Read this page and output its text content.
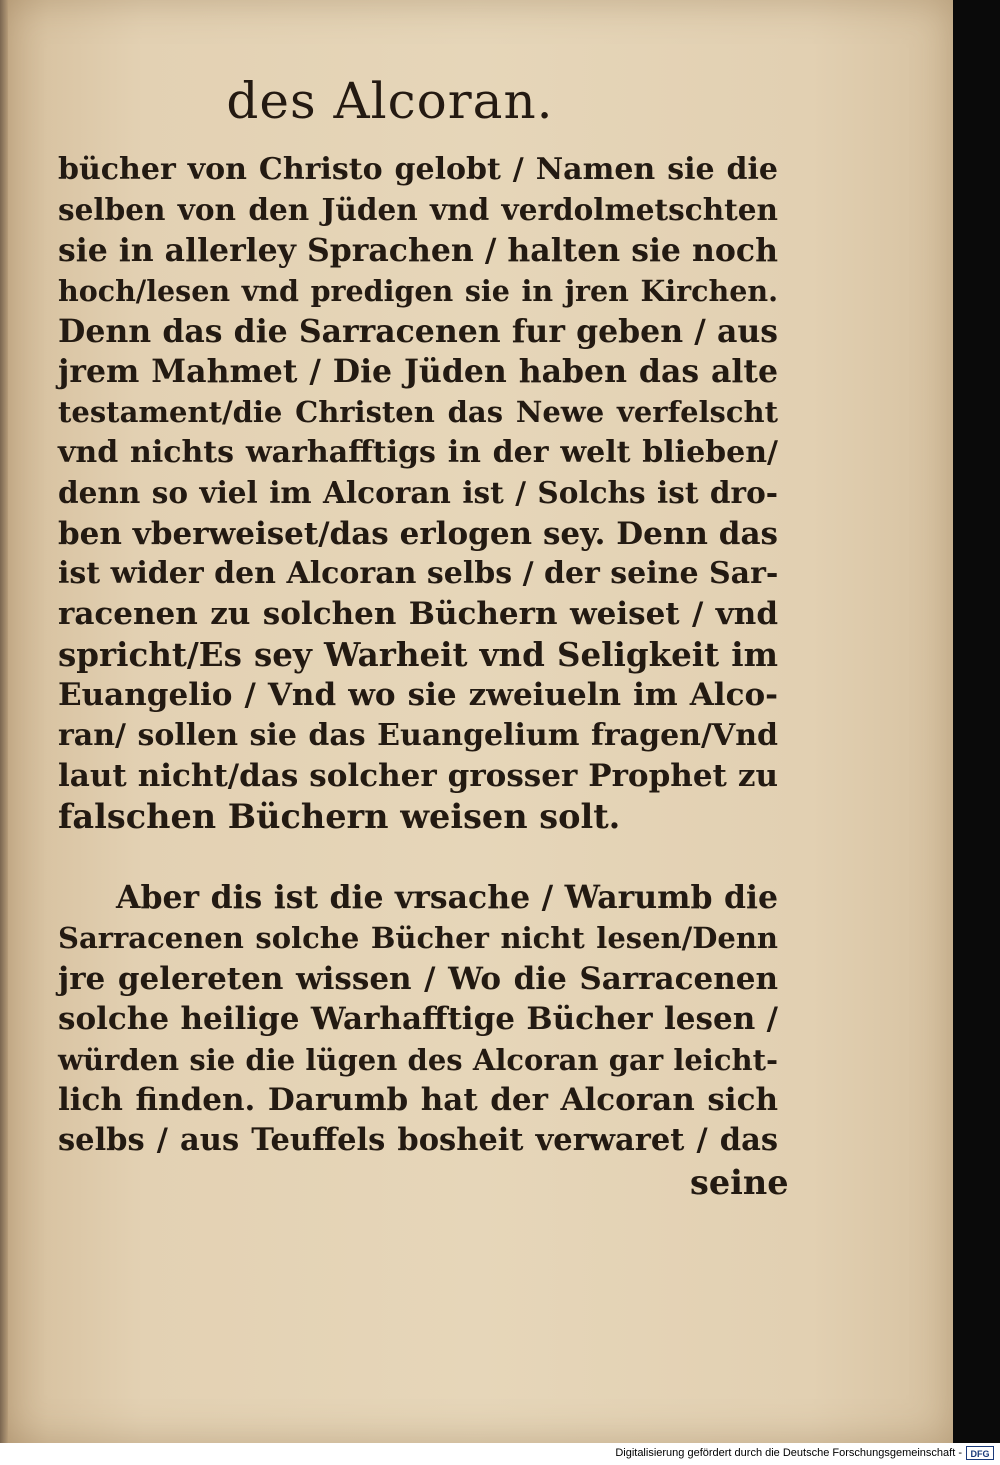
des Alcoran.
bücher von Christo gelobt / Namen sie die
selben von den Jüden vnd verdolmetschten
sie in allerley Sprachen / halten sie noch
hoch/lesen vnd predigen sie in jren Kirchen.
Denn das die Sarracenen fur geben / aus
jrem Mahmet / Die Jüden haben das alte
testament/die Christen das Newe verfelscht
vnd nichts warhafftigs in der welt blieben/
denn so viel im Alcoran ist / Solchs ist dro-
ben vberweiset/das erlogen sey. Denn das
ist wider den Alcoran selbs / der seine Sar-
racenen zu solchen Büchern weiset / vnd
spricht/Es sey Warheit vnd Seligkeit im
Euangelio / Vnd wo sie zweiueln im Alco-
ran/ sollen sie das Euangelium fragen/Vnd
laut nicht/das solcher grosser Prophet zu
falschen Büchern weisen solt.
Aber dis ist die vrsache / Warumb die
Sarracenen solche Bücher nicht lesen/Denn
jre gelereten wissen / Wo die Sarracenen
solche heilige Warhafftige Bücher lesen /
würden sie die lügen des Alcoran gar leicht-
lich finden. Darumb hat der Alcoran sich
selbs / aus Teuffels bosheit verwaret / das
seine
Digitalisierung gefördert durch die Deutsche Forschungsgemeinschaft - DFG
